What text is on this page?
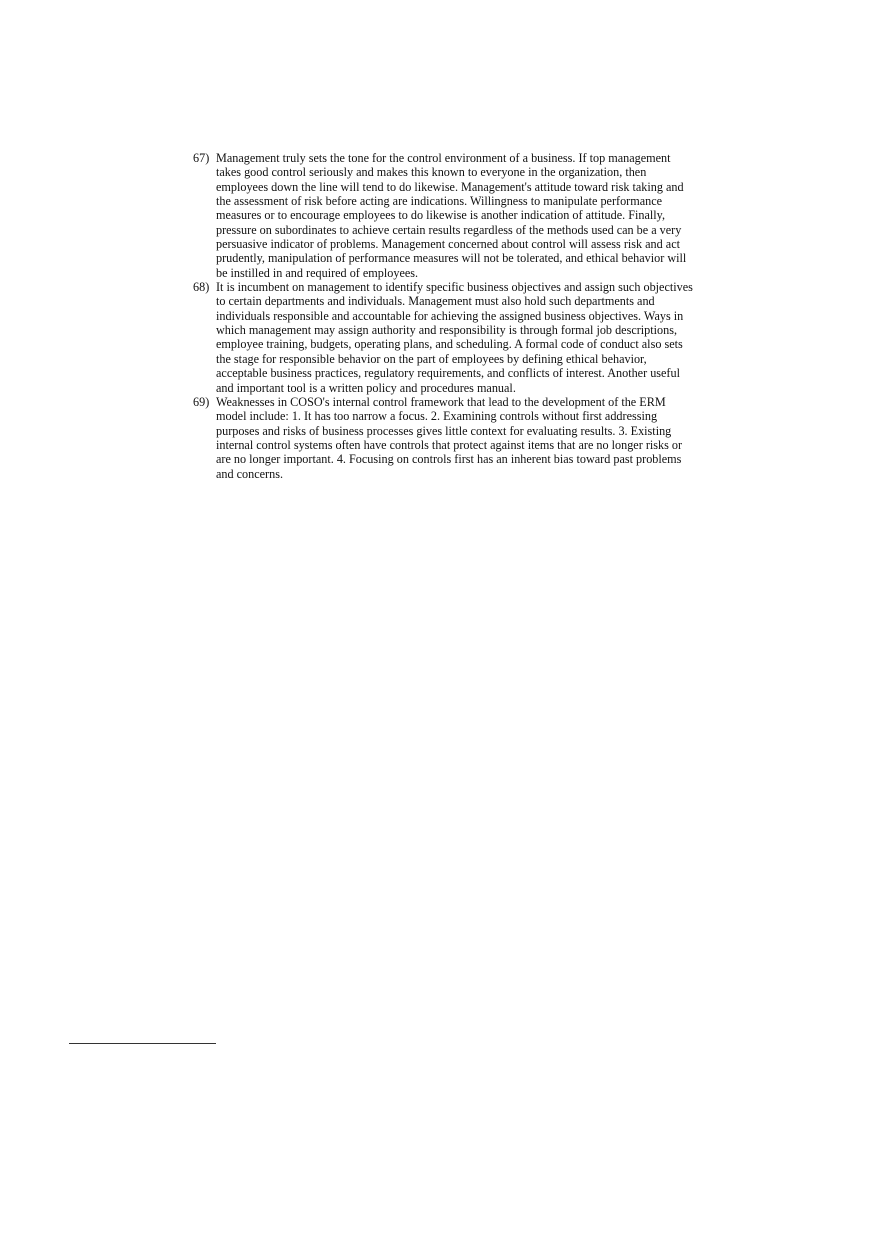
67) Management truly sets the tone for the control environment of a business. If top management
takes good control seriously and makes this known to everyone in the organization, then
employees down the line will tend to do likewise. Management's attitude toward risk taking and
the assessment of risk before acting are indications. Willingness to manipulate performance
measures or to encourage employees to do likewise is another indication of attitude. Finally,
pressure on subordinates to achieve certain results regardless of the methods used can be a very
persuasive indicator of problems. Management concerned about control will assess risk and act
prudently, manipulation of performance measures will not be tolerated, and ethical behavior will
be instilled in and required of employees.
68) It is incumbent on management to identify specific business objectives and assign such objectives
to certain departments and individuals. Management must also hold such departments and
individuals responsible and accountable for achieving the assigned business objectives. Ways in
which management may assign authority and responsibility is through formal job descriptions,
employee training, budgets, operating plans, and scheduling. A formal code of conduct also sets
the stage for responsible behavior on the part of employees by defining ethical behavior,
acceptable business practices, regulatory requirements, and conflicts of interest. Another useful
and important tool is a written policy and procedures manual.
69) Weaknesses in COSO's internal control framework that lead to the development of the ERM
model include: 1. It has too narrow a focus. 2. Examining controls without first addressing
purposes and risks of business processes gives little context for evaluating results. 3. Existing
internal control systems often have controls that protect against items that are no longer risks or
are no longer important. 4. Focusing on controls first has an inherent bias toward past problems
and concerns.
